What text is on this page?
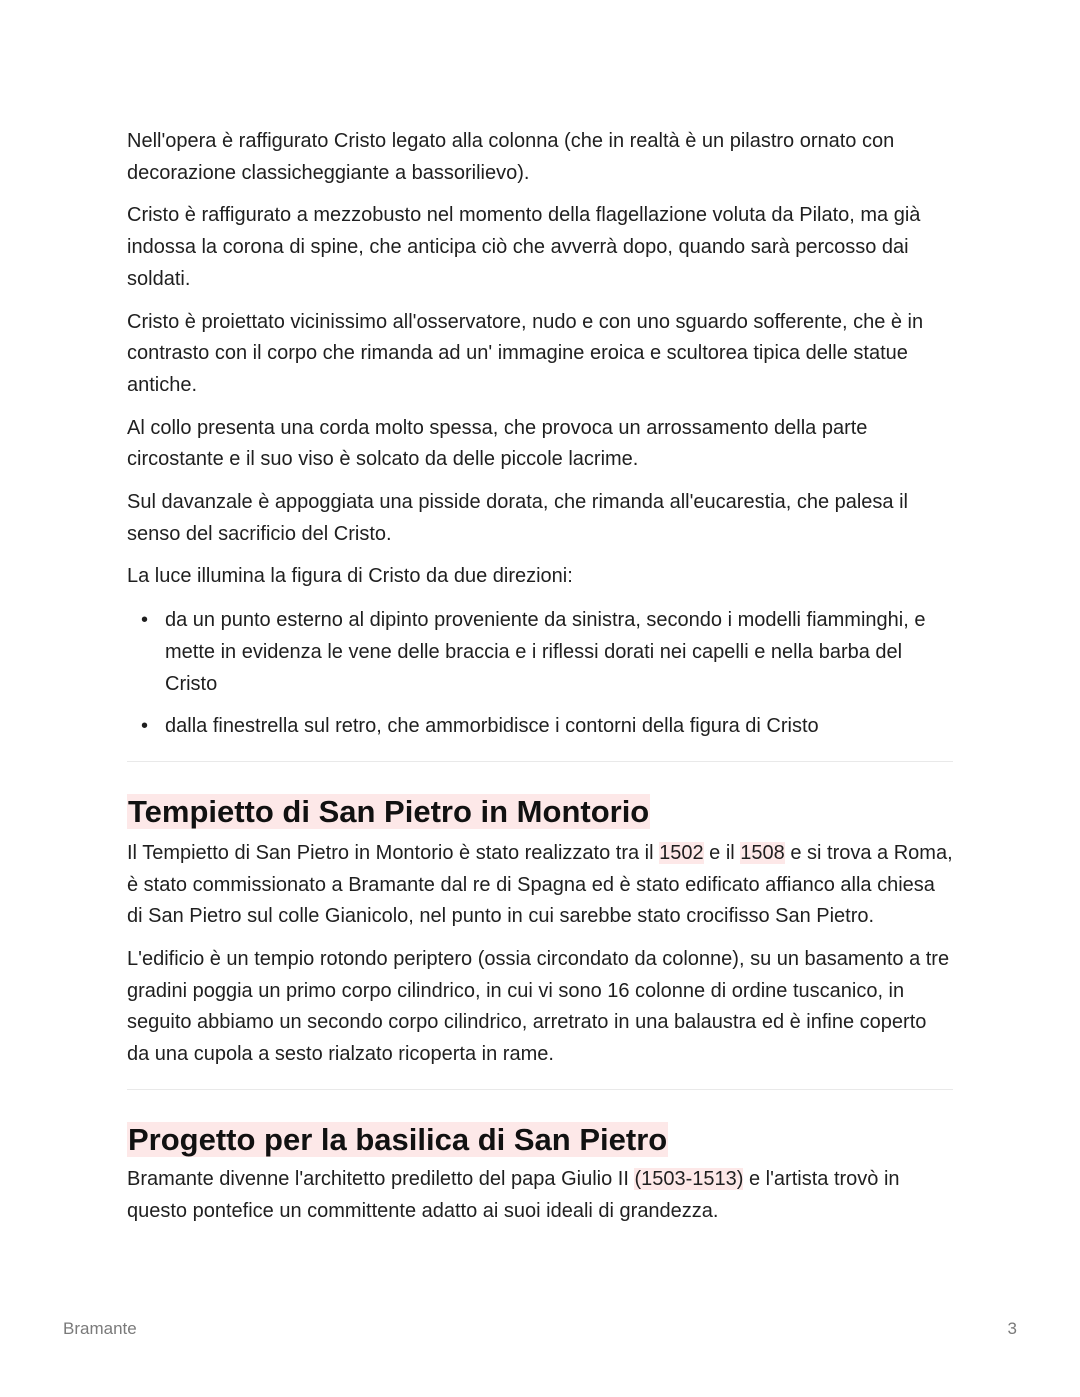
Nell'opera è raffigurato Cristo legato alla colonna (che in realtà è un pilastro ornato con decorazione classicheggiante a bassorilievo).

Cristo è raffigurato a mezzobusto nel momento della flagellazione voluta da Pilato, ma già indossa la corona di spine, che anticipa ciò che avverrà dopo, quando sarà percosso dai soldati.

Cristo è proiettato vicinissimo all'osservatore, nudo e con uno sguardo sofferente, che è in contrasto con il corpo che rimanda ad un' immagine eroica e scultorea tipica delle statue antiche.

Al collo presenta una corda molto spessa, che provoca un arrossamento della parte circostante e il suo viso è solcato da delle piccole lacrime.

Sul davanzale è appoggiata una pisside dorata, che rimanda all'eucarestia, che palesa il senso del sacrificio del Cristo.

La luce illumina la figura di Cristo da due direzioni:

• da un punto esterno al dipinto proveniente da sinistra, secondo i modelli fiamminghi, e mette in evidenza le vene delle braccia e i riflessi dorati nei capelli e nella barba del Cristo
• dalla finestrella sul retro, che ammorbidisce i contorni della figura di Cristo
Tempietto di San Pietro in Montorio

Il Tempietto di San Pietro in Montorio è stato realizzato tra il 1502 e il 1508 e si trova a Roma, è stato commissionato a Bramante dal re di Spagna ed è stato edificato affianco alla chiesa di San Pietro sul colle Gianicolo, nel punto in cui sarebbe stato crocifisso San Pietro.

L'edificio è un tempio rotondo periptero (ossia circondato da colonne), su un basamento a tre gradini poggia un primo corpo cilindrico, in cui vi sono 16 colonne di ordine tuscanico, in seguito abbiamo un secondo corpo cilindrico, arretrato in una balaustra ed è infine coperto da una cupola a sesto rialzato ricoperta in rame.

Progetto per la basilica di San Pietro

Bramante divenne l'architetto prediletto del papa Giulio II (1503-1513) e l'artista trovò in questo pontefice un committente adatto ai suoi ideali di grandezza.

Bramante	3
